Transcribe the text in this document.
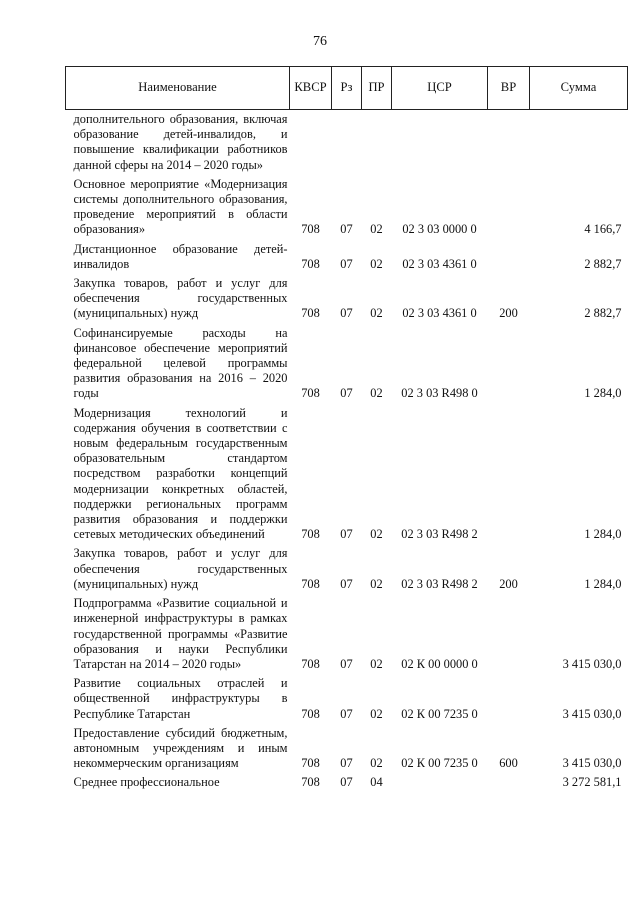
76
Наименование	КВСР	Рз	ПР	ЦСР	ВР	Сумма
дополнительного образования, включая образование детей-инвалидов, и повышение квалификации работников данной сферы на 2014 – 2020 годы»						
Основное мероприятие «Модернизация системы дополнительного образования, проведение мероприятий в области образования»	708	07	02	02 3 03 0000 0		4 166,7
Дистанционное образование детей-инвалидов	708	07	02	02 3 03 4361 0		2 882,7
Закупка товаров, работ и услуг для обеспечения государственных (муниципальных) нужд	708	07	02	02 3 03 4361 0	200	2 882,7
Софинансируемые расходы на финансовое обеспечение мероприятий федеральной целевой программы развития образования на 2016 – 2020 годы	708	07	02	02 3 03 R498 0		1 284,0
Модернизация технологий и содержания обучения в соответствии с новым федеральным государственным образовательным стандартом посредством разработки концепций модернизации конкретных областей, поддержки региональных программ развития образования и поддержки сетевых методических объединений	708	07	02	02 3 03 R498 2		1 284,0
Закупка товаров, работ и услуг для обеспечения государственных (муниципальных) нужд	708	07	02	02 3 03 R498 2	200	1 284,0
Подпрограмма «Развитие социальной и инженерной инфраструктуры в рамках государственной программы «Развитие образования и науки Республики Татарстан на 2014 – 2020 годы»	708	07	02	02 К 00 0000 0		3 415 030,0
Развитие социальных отраслей и общественной инфраструктуры в Республике Татарстан	708	07	02	02 К 00 7235 0		3 415 030,0
Предоставление субсидий бюджетным, автономным учреждениям и иным некоммерческим организациям	708	07	02	02 К 00 7235 0	600	3 415 030,0
Среднее профессиональное	708	07	04			3 272 581,1
